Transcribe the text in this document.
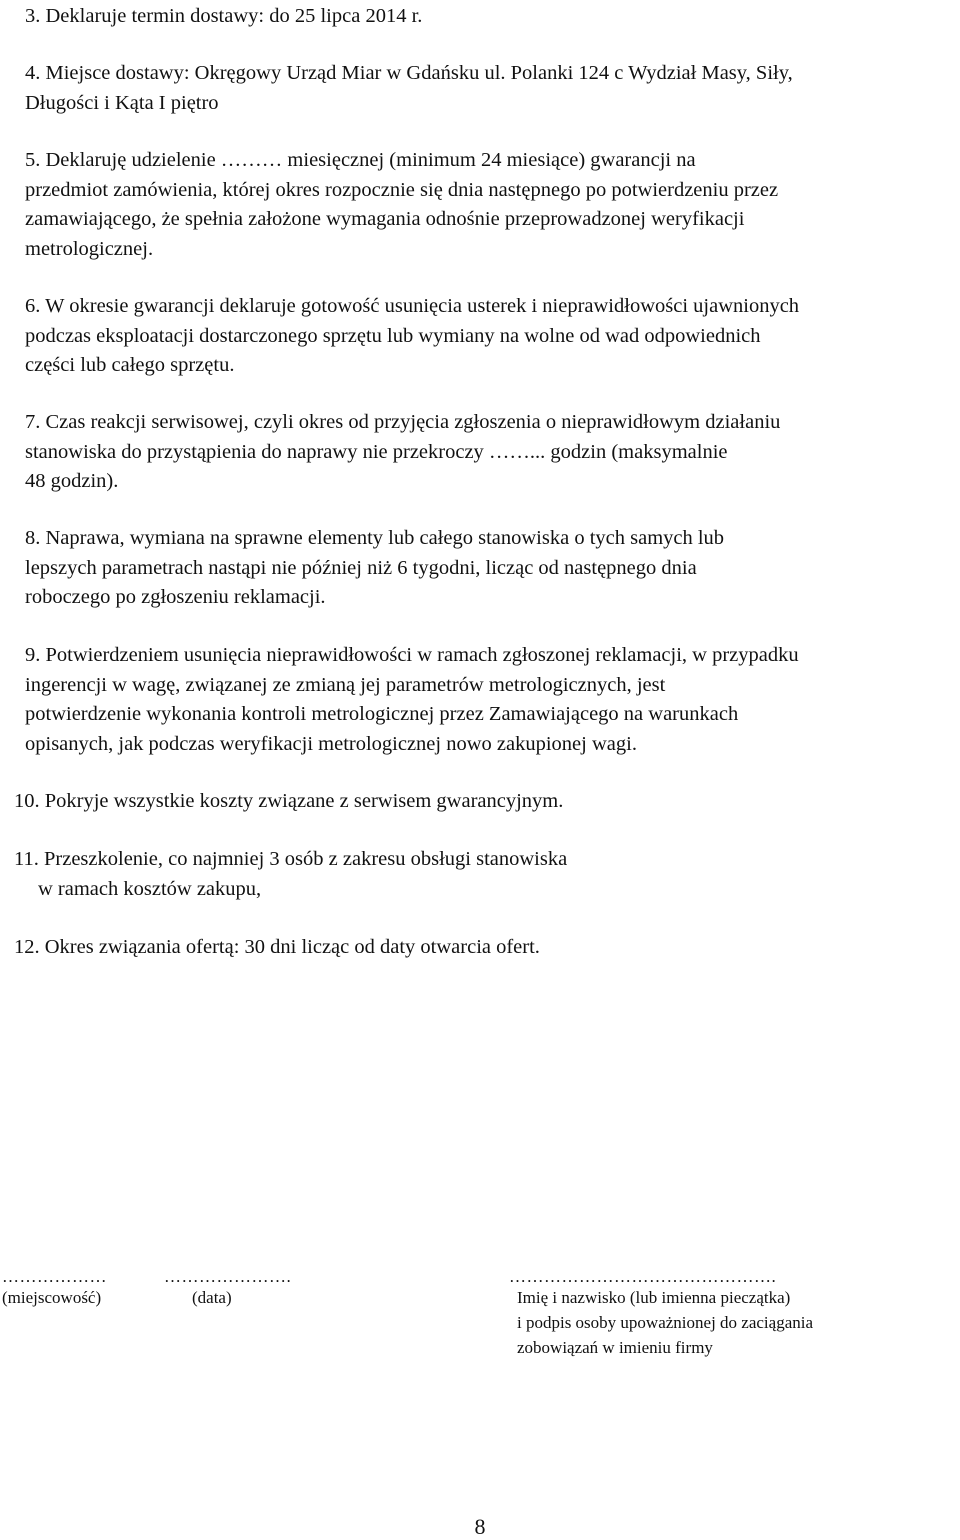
3. Deklaruje termin dostawy: do 25 lipca 2014 r.
4. Miejsce dostawy: Okręgowy Urząd Miar w Gdańsku ul. Polanki 124 c Wydział Masy, Siły,
Długości i Kąta I piętro
5. Deklaruję udzielenie ……… miesięcznej (minimum 24 miesiące) gwarancji na
przedmiot zamówienia, której okres rozpocznie się dnia następnego po potwierdzeniu przez
zamawiającego, że spełnia założone wymagania odnośnie przeprowadzonej weryfikacji
metrologicznej.
6. W okresie gwarancji deklaruje gotowość usunięcia usterek i nieprawidłowości ujawnionych
podczas eksploatacji dostarczonego sprzętu lub wymiany na wolne od wad odpowiednich
części lub całego sprzętu.
7. Czas reakcji serwisowej, czyli okres od przyjęcia zgłoszenia o nieprawidłowym działaniu
stanowiska do przystąpienia do naprawy nie przekroczy ……... godzin (maksymalnie
48 godzin).
8. Naprawa, wymiana na sprawne elementy lub całego stanowiska o tych samych lub
lepszych parametrach nastąpi nie później niż 6 tygodni, licząc od następnego dnia
roboczego po zgłoszeniu reklamacji.
9. Potwierdzeniem usunięcia nieprawidłowości w ramach zgłoszonej reklamacji, w przypadku
ingerencji w wagę, związanej ze zmianą jej parametrów metrologicznych, jest
potwierdzenie wykonania kontroli metrologicznej przez Zamawiającego na warunkach
opisanych, jak podczas weryfikacji metrologicznej nowo zakupionej wagi.
10. Pokryje wszystkie koszty związane z serwisem gwarancyjnym.
11. Przeszkolenie, co najmniej 3 osób z zakresu obsługi stanowiska
w ramach kosztów zakupu,
12. Okres związania ofertą: 30 dni licząc od daty otwarcia ofert.
………………	………………….	……………………………………….
(miejscowość)	(data)	Imię i nazwisko (lub imienna pieczątka)
i podpis osoby upoważnionej do zaciągania
zobowiązań w imieniu firmy
8
